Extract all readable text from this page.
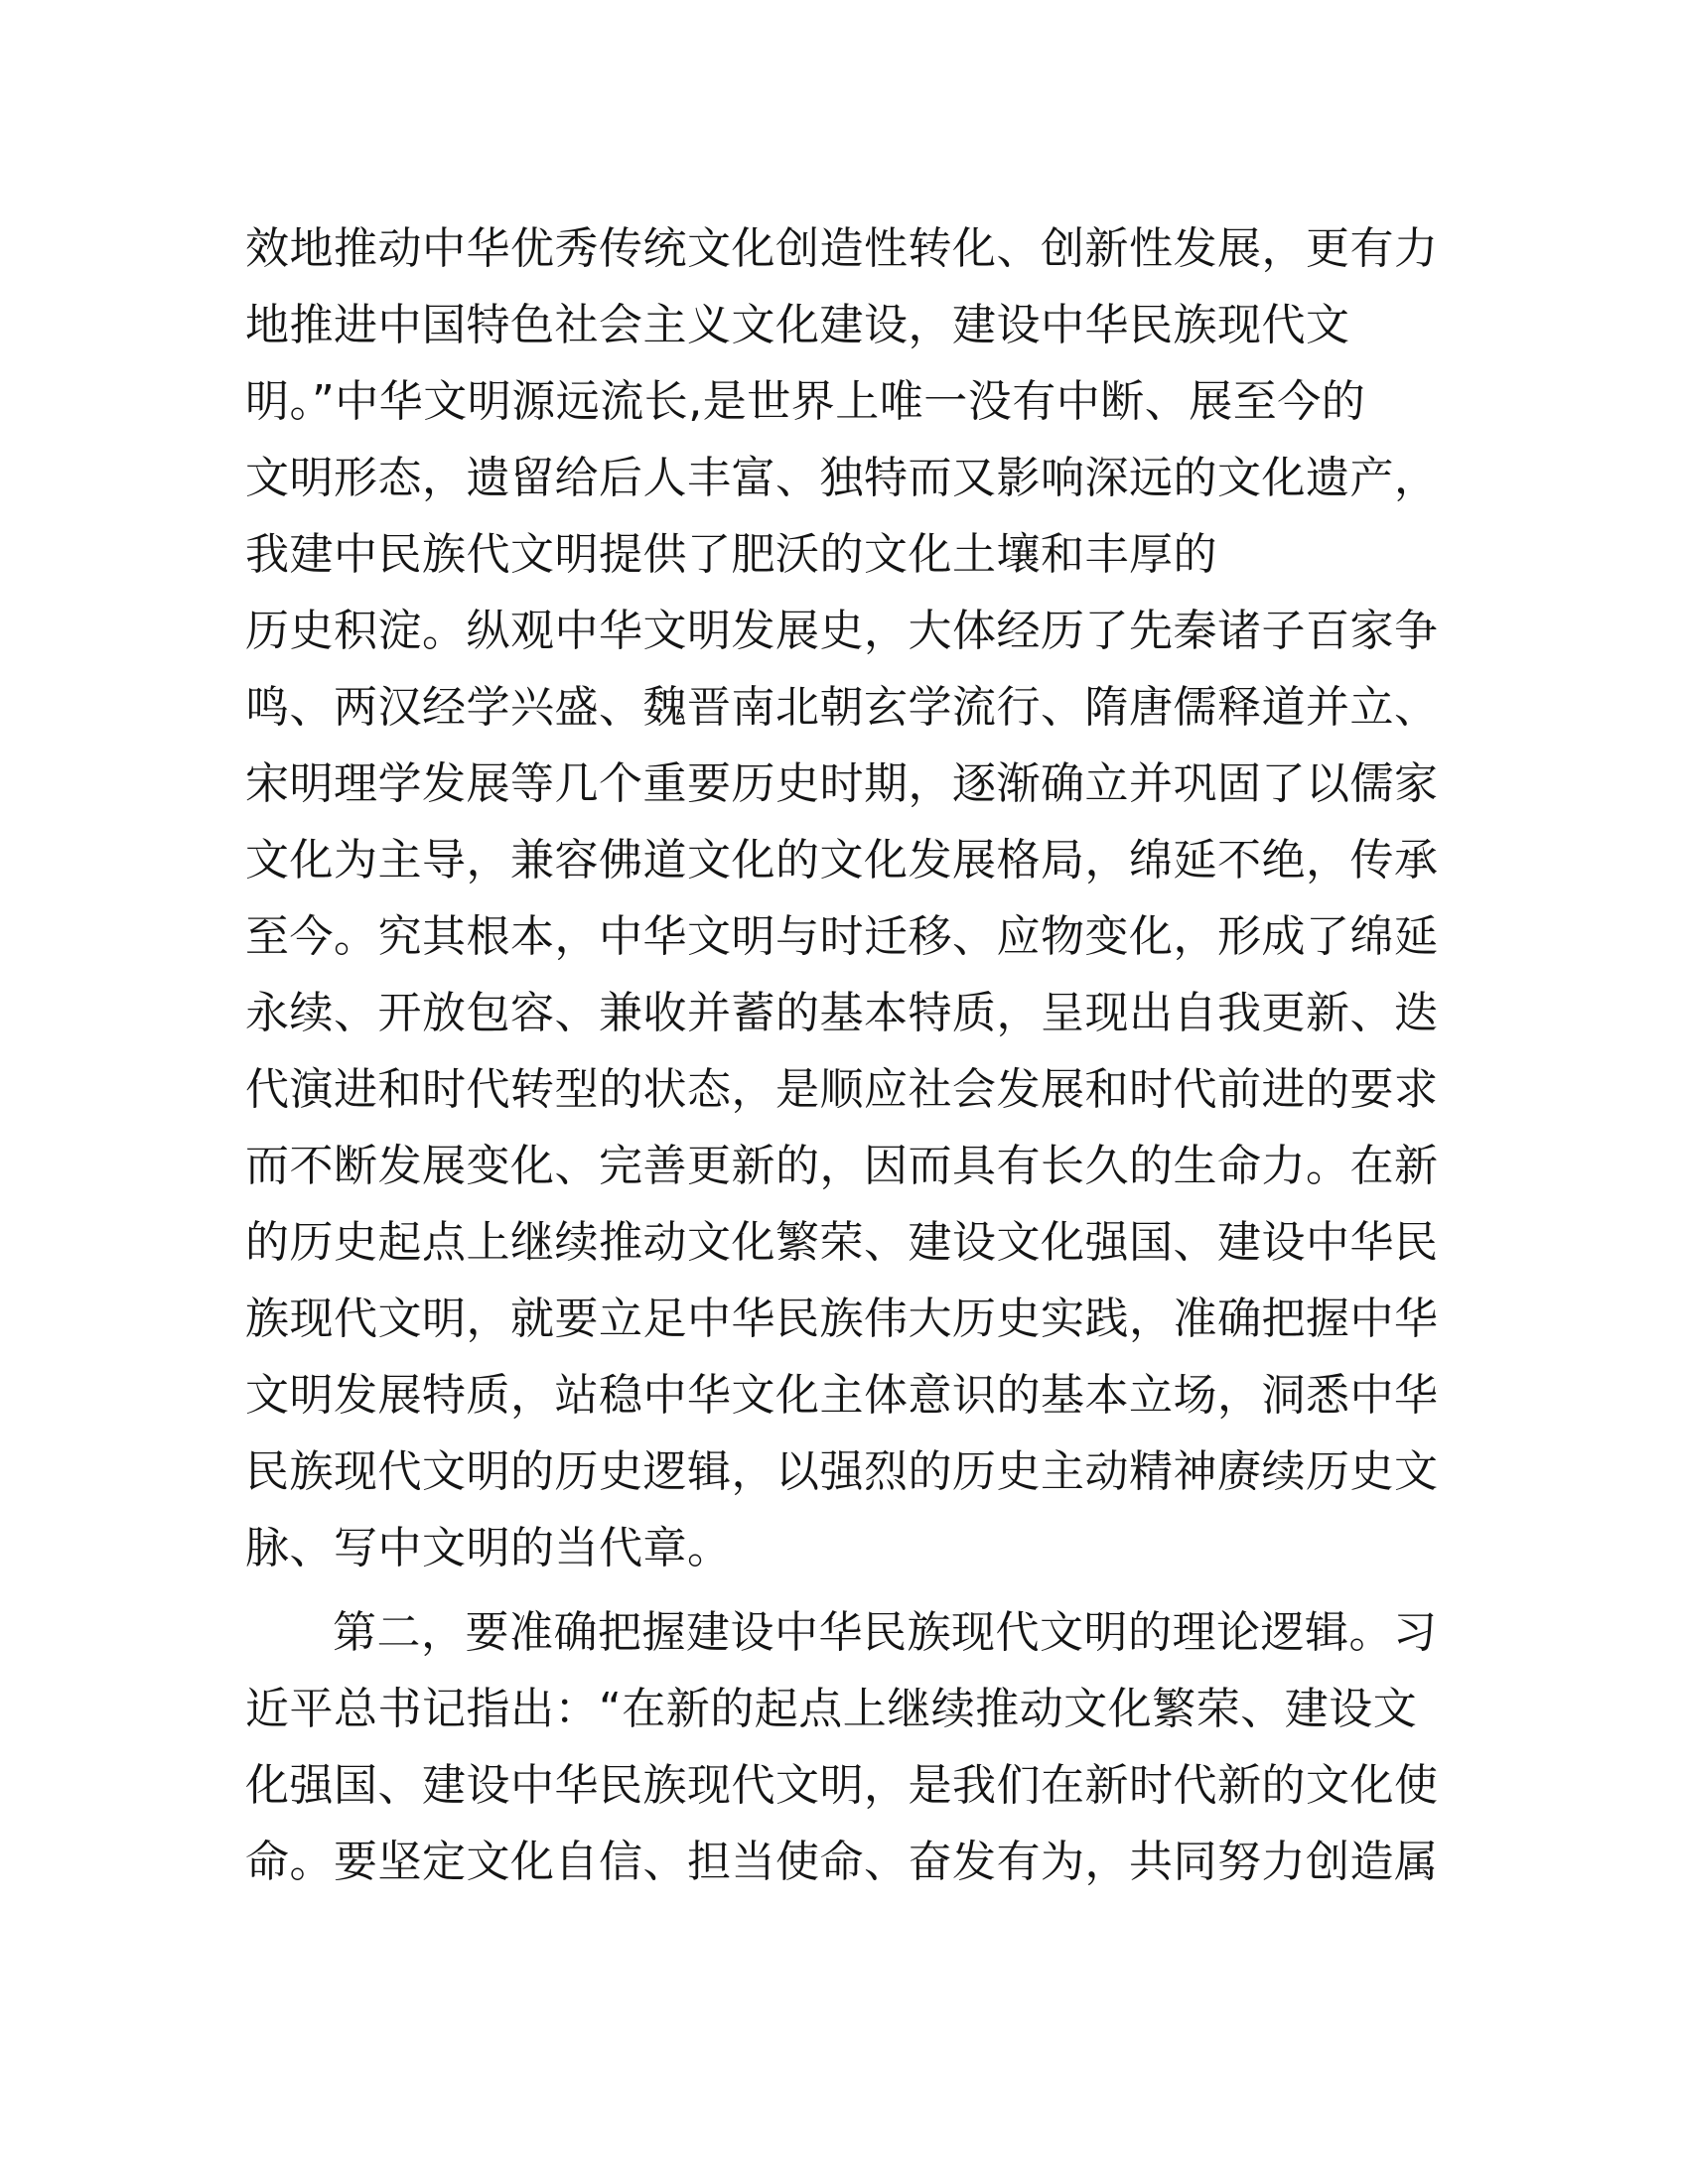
效地推动中华优秀传统文化创造性转化、创新性发展，更有力
地推进中国特色社会主义文化建设，建设中华民族现代文
明。”中华文明源远流长,是世界上唯一没有中断、展至今的
文明形态，遗留给后人丰富、独特而又影响深远的文化遗产，
我建中民族代文明提供了肥沃的文化土壤和丰厚的
历史积淀。纵观中华文明发展史，大体经历了先秦诸子百家争
鸣、两汉经学兴盛、魏晋南北朝玄学流行、隋唐儒释道并立、
宋明理学发展等几个重要历史时期，逐渐确立并巩固了以儒家
文化为主导，兼容佛道文化的文化发展格局，绵延不绝，传承
至今。究其根本，中华文明与时迁移、应物变化，形成了绵延
永续、开放包容、兼收并蓄的基本特质，呈现出自我更新、迭
代演进和时代转型的状态，是顺应社会发展和时代前进的要求
而不断发展变化、完善更新的，因而具有长久的生命力。在新
的历史起点上继续推动文化繁荣、建设文化强国、建设中华民
族现代文明，就要立足中华民族伟大历史实践，准确把握中华
文明发展特质，站稳中华文化主体意识的基本立场，洞悉中华
民族现代文明的历史逻辑，以强烈的历史主动精神赓续历史文
脉、写中文明的当代章。
第二，要准确把握建设中华民族现代文明的理论逻辑。习
近平总书记指出：“在新的起点上继续推动文化繁荣、建设文
化强国、建设中华民族现代文明，是我们在新时代新的文化使
命。要坚定文化自信、担当使命、奋发有为，共同努力创造属
